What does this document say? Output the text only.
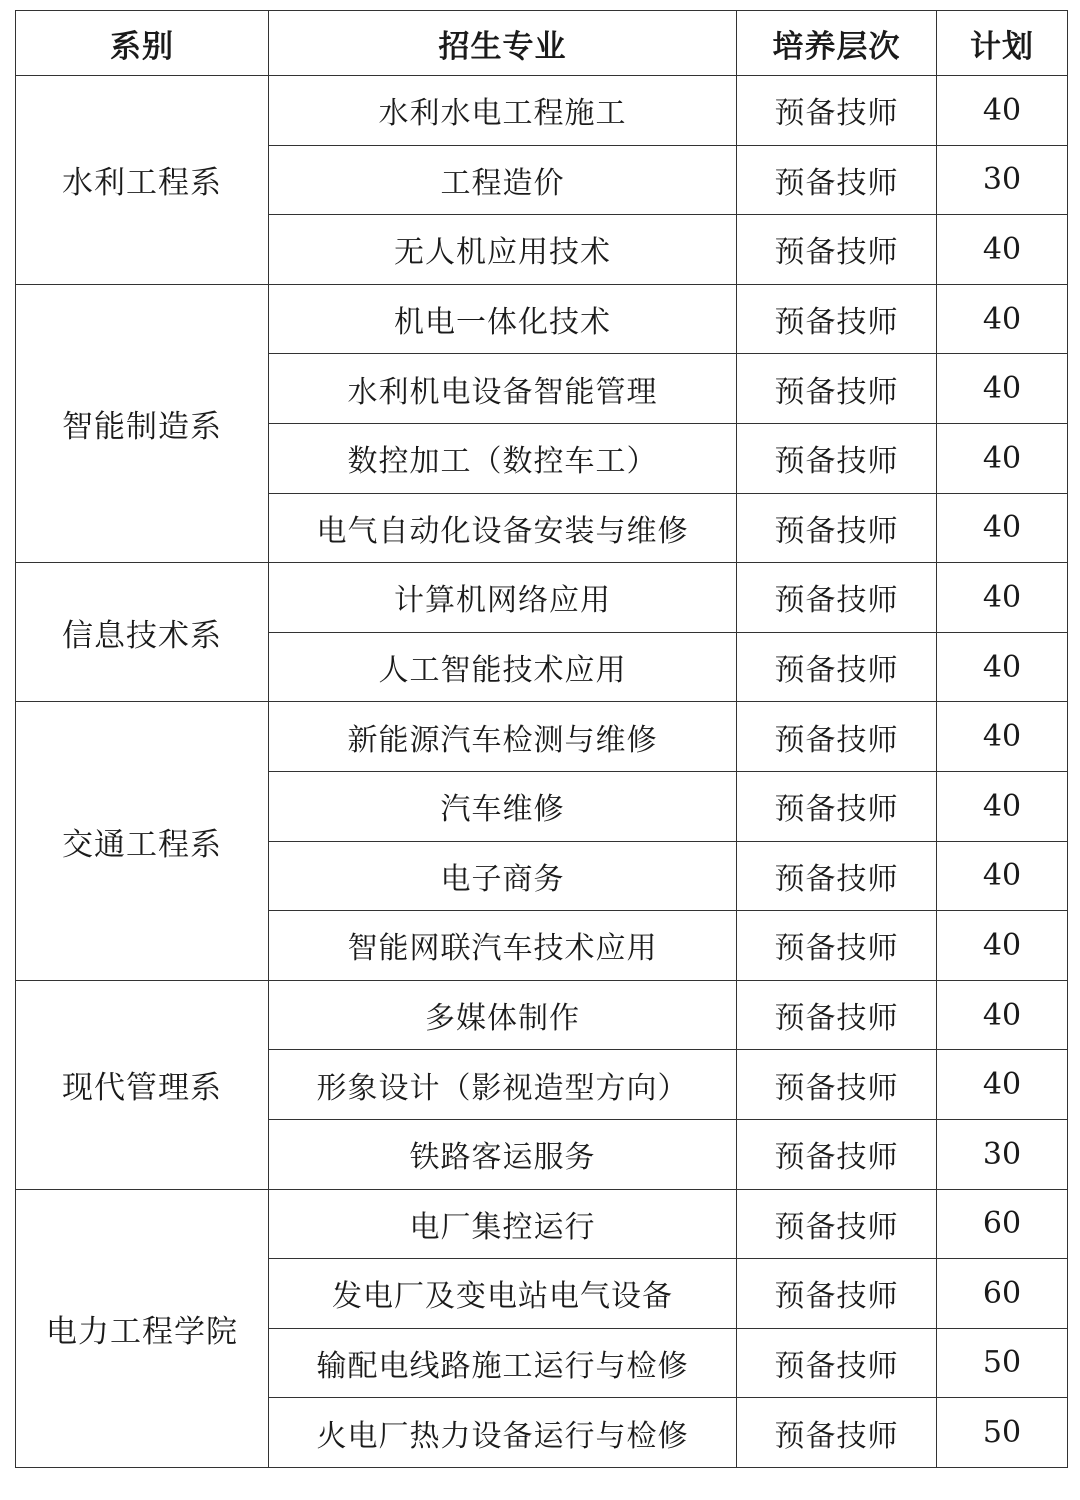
系别	招生专业	培养层次	计划
水利工程系	水利水电工程施工	预备技师	40
	工程造价	预备技师	30
	无人机应用技术	预备技师	40
智能制造系	机电一体化技术	预备技师	40
	水利机电设备智能管理	预备技师	40
	数控加工（数控车工）	预备技师	40
	电气自动化设备安装与维修	预备技师	40
信息技术系	计算机网络应用	预备技师	40
	人工智能技术应用	预备技师	40
交通工程系	新能源汽车检测与维修	预备技师	40
	汽车维修	预备技师	40
	电子商务	预备技师	40
	智能网联汽车技术应用	预备技师	40
现代管理系	多媒体制作	预备技师	40
	形象设计（影视造型方向）	预备技师	40
	铁路客运服务	预备技师	30
电力工程学院	电厂集控运行	预备技师	60
	发电厂及变电站电气设备	预备技师	60
	输配电线路施工运行与检修	预备技师	50
	火电厂热力设备运行与检修	预备技师	50
